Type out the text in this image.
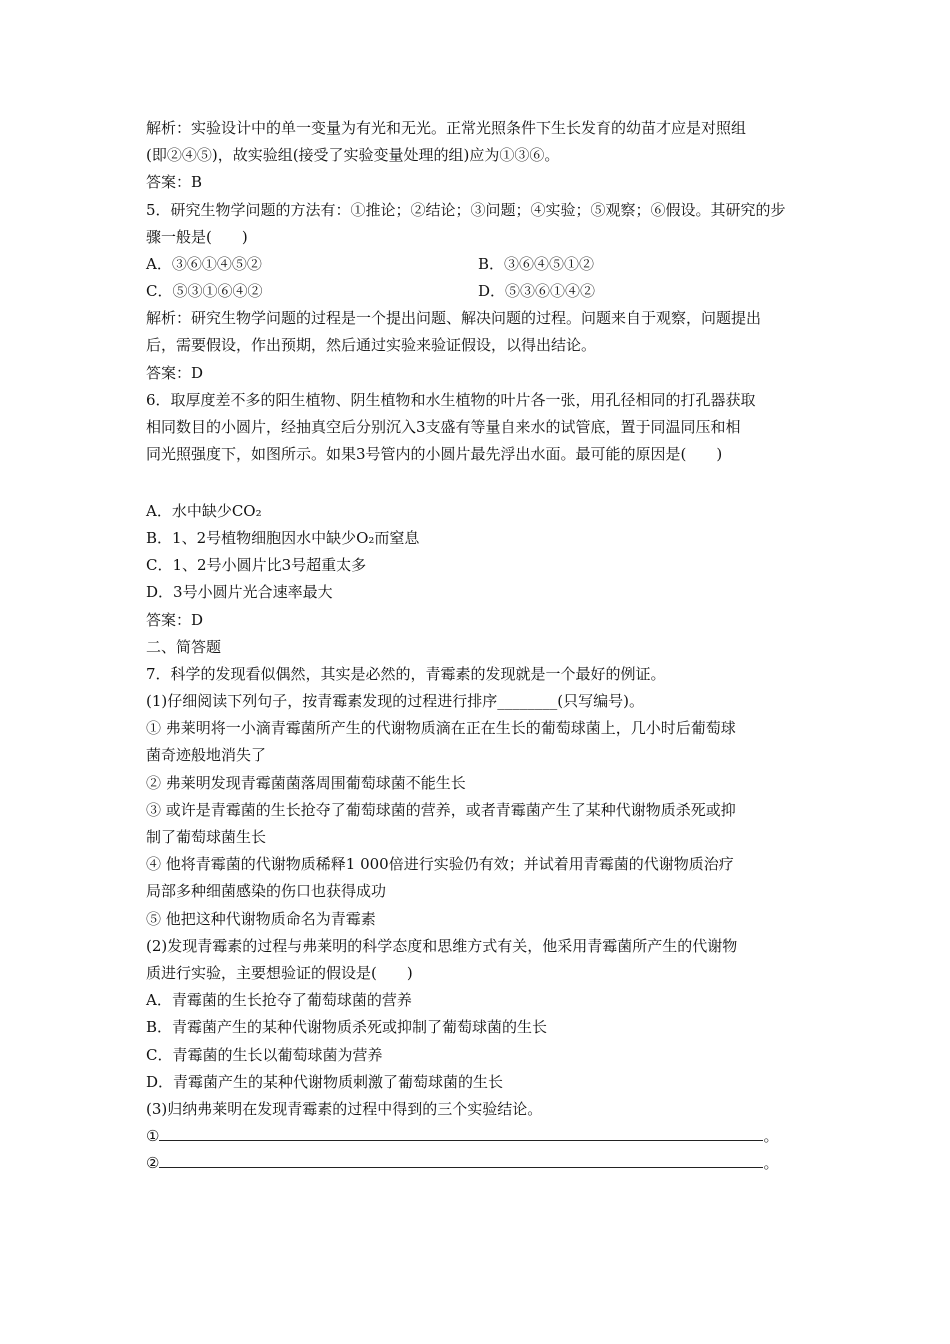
解析：实验设计中的单一变量为有光和无光。正常光照条件下生长发育的幼苗才应是对照组
(即②④⑤)，故实验组(接受了实验变量处理的组)应为①③⑥。
答案：B
5．研究生物学问题的方法有：①推论；②结论；③问题；④实验；⑤观察；⑥假设。其研究的步
骤一般是(　　)
A．③⑥①④⑤②	B．③⑥④⑤①②
C．⑤③①⑥④②	D．⑤③⑥①④②
解析：研究生物学问题的过程是一个提出问题、解决问题的过程。问题来自于观察，问题提出
后，需要假设，作出预期，然后通过实验来验证假设，以得出结论。
答案：D
6．取厚度差不多的阳生植物、阴生植物和水生植物的叶片各一张，用孔径相同的打孔器获取
相同数目的小圆片，经抽真空后分别沉入3支盛有等量自来水的试管底，置于同温同压和相
同光照强度下，如图所示。如果3号管内的小圆片最先浮出水面。最可能的原因是(　　)
A．水中缺少CO₂
B．1、2号植物细胞因水中缺少O₂而窒息
C．1、2号小圆片比3号超重太多
D．3号小圆片光合速率最大
答案：D
二、简答题
7．科学的发现看似偶然，其实是必然的，青霉素的发现就是一个最好的例证。
(1)仔细阅读下列句子，按青霉素发现的过程进行排序________(只写编号)。
① 弗莱明将一小滴青霉菌所产生的代谢物质滴在正在生长的葡萄球菌上，几小时后葡萄球
菌奇迹般地消失了
② 弗莱明发现青霉菌菌落周围葡萄球菌不能生长
③ 或许是青霉菌的生长抢夺了葡萄球菌的营养，或者青霉菌产生了某种代谢物质杀死或抑
制了葡萄球菌生长
④ 他将青霉菌的代谢物质稀释1 000倍进行实验仍有效；并试着用青霉菌的代谢物质治疗
局部多种细菌感染的伤口也获得成功
⑤ 他把这种代谢物质命名为青霉素
(2)发现青霉素的过程与弗莱明的科学态度和思维方式有关，他采用青霉菌所产生的代谢物
质进行实验，主要想验证的假设是(　　)
A．青霉菌的生长抢夺了葡萄球菌的营养
B．青霉菌产生的某种代谢物质杀死或抑制了葡萄球菌的生长
C．青霉菌的生长以葡萄球菌为营养
D．青霉菌产生的某种代谢物质刺激了葡萄球菌的生长
(3)归纳弗莱明在发现青霉素的过程中得到的三个实验结论。
①	。
②	。
